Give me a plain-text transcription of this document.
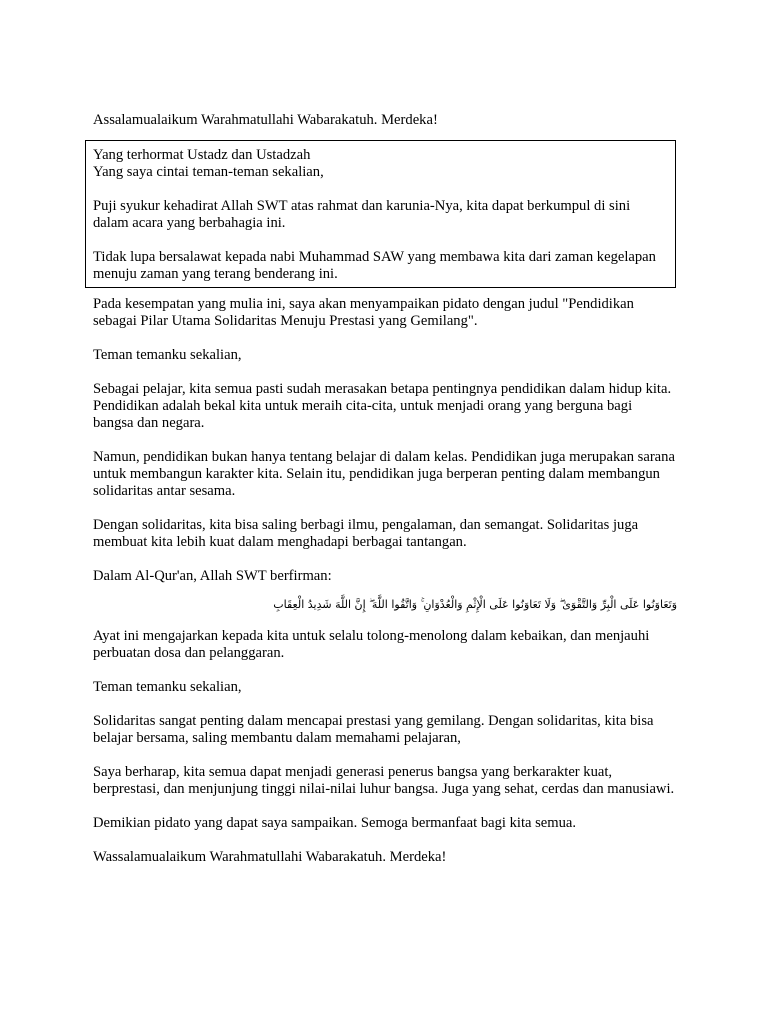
Assalamualaikum Warahmatullahi Wabarakatuh. Merdeka!

Yang terhormat Ustadz dan Ustadzah
Yang saya cintai teman-teman sekalian,

Puji syukur kehadirat Allah SWT atas rahmat dan karunia-Nya, kita dapat berkumpul di sini dalam acara yang berbahagia ini.

Tidak lupa bersalawat kepada nabi Muhammad SAW yang membawa kita dari zaman kegelapan menuju zaman yang terang benderang ini.

Pada kesempatan yang mulia ini, saya akan menyampaikan pidato dengan judul "Pendidikan sebagai Pilar Utama Solidaritas Menuju Prestasi yang Gemilang".

Teman temanku sekalian,

Sebagai pelajar, kita semua pasti sudah merasakan betapa pentingnya pendidikan dalam hidup kita. Pendidikan adalah bekal kita untuk meraih cita-cita, untuk menjadi orang yang berguna bagi bangsa dan negara.

Namun, pendidikan bukan hanya tentang belajar di dalam kelas. Pendidikan juga merupakan sarana untuk membangun karakter kita. Selain itu, pendidikan juga berperan penting dalam membangun solidaritas antar sesama.

Dengan solidaritas, kita bisa saling berbagi ilmu, pengalaman, dan semangat. Solidaritas juga membuat kita lebih kuat dalam menghadapi berbagai tantangan.

Dalam Al-Qur'an, Allah SWT berfirman:

وَتَعَاوَنُوا عَلَى الْبِرِّ وَالتَّقْوَىٰ ۖ وَلَا تَعَاوَنُوا عَلَى الْإِثْمِ وَالْعُدْوَانِ ۚ وَاتَّقُوا اللَّهَ ۖ إِنَّ اللَّهَ شَدِيدُ الْعِقَابِ

Ayat ini mengajarkan kepada kita untuk selalu tolong-menolong dalam kebaikan, dan menjauhi perbuatan dosa dan pelanggaran.

Teman temanku sekalian,

Solidaritas sangat penting dalam mencapai prestasi yang gemilang. Dengan solidaritas, kita bisa belajar bersama, saling membantu dalam memahami pelajaran,

Saya berharap, kita semua dapat menjadi generasi penerus bangsa yang berkarakter kuat, berprestasi, dan menjunjung tinggi nilai-nilai luhur bangsa. Juga yang sehat, cerdas dan manusiawi.

Demikian pidato yang dapat saya sampaikan. Semoga bermanfaat bagi kita semua.

Wassalamualaikum Warahmatullahi Wabarakatuh. Merdeka!
